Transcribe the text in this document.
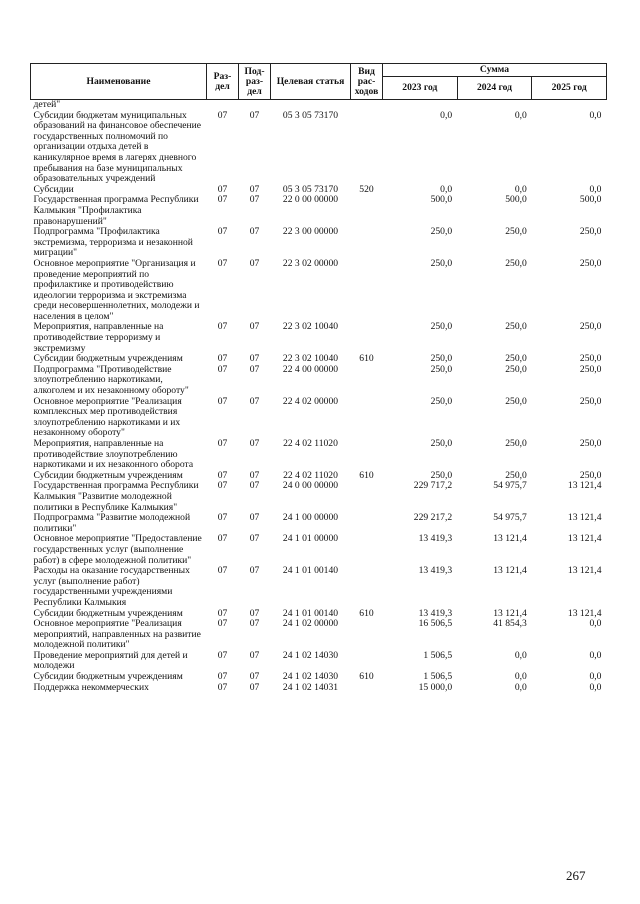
Наименование	Раз-дел	Под-раз-дел	Целевая статья	Вид рас-ходов	Сумма		
					2023 год	2024 год	2025 год
детей"							
Субсидии бюджетам муниципальных образований на финансовое обеспечение государственных полномочий по организации отдыха детей в каникулярное время в лагерях дневного пребывания на базе муниципальных образовательных учреждений	07	07	05 3 05 73170		0,0	0,0	0,0
Субсидии	07	07	05 3 05 73170	520	0,0	0,0	0,0
Государственная программа Республики Калмыкия "Профилактика правонарушений"	07	07	22 0 00 00000		500,0	500,0	500,0
Подпрограмма "Профилактика экстремизма, терроризма и незаконной миграции"	07	07	22 3 00 00000		250,0	250,0	250,0
Основное мероприятие "Организация и проведение мероприятий по профилактике и противодействию идеологии терроризма и экстремизма среди несовершеннолетних, молодежи и населения в целом"	07	07	22 3 02 00000		250,0	250,0	250,0
Мероприятия, направленные на противодействие терроризму и экстремизму	07	07	22 3 02 10040		250,0	250,0	250,0
Субсидии бюджетным учреждениям	07	07	22 3 02 10040	610	250,0	250,0	250,0
Подпрограмма "Противодействие злоупотреблению наркотиками, алкоголем и их незаконному обороту"	07	07	22 4 00 00000		250,0	250,0	250,0
Основное мероприятие "Реализация комплексных мер противодействия злоупотреблению наркотиками и их незаконному обороту"	07	07	22 4 02 00000		250,0	250,0	250,0
Мероприятия, направленные на противодействие злоупотреблению наркотиками и их незаконного оборота	07	07	22 4 02 11020		250,0	250,0	250,0
Субсидии бюджетным учреждениям	07	07	22 4 02 11020	610	250,0	250,0	250,0
Государственная программа Республики Калмыкия "Развитие молодежной политики в Республике Калмыкия"	07	07	24 0 00 00000		229 717,2	54 975,7	13 121,4
Подпрограмма "Развитие молодежной политики"	07	07	24 1 00 00000		229 217,2	54 975,7	13 121,4
Основное мероприятие "Предоставление государственных услуг (выполнение работ) в сфере молодежной политики"	07	07	24 1 01 00000		13 419,3	13 121,4	13 121,4
Расходы на оказание государственных услуг (выполнение работ) государственными учреждениями Республики Калмыкия	07	07	24 1 01 00140		13 419,3	13 121,4	13 121,4
Субсидии бюджетным учреждениям	07	07	24 1 01 00140	610	13 419,3	13 121,4	13 121,4
Основное мероприятие "Реализация мероприятий, направленных на развитие молодежной политики"	07	07	24 1 02 00000		16 506,5	41 854,3	0,0
Проведение мероприятий для детей и молодежи	07	07	24 1 02 14030		1 506,5	0,0	0,0
Субсидии бюджетным учреждениям	07	07	24 1 02 14030	610	1 506,5	0,0	0,0
Поддержка некоммерческих	07	07	24 1 02 14031		15 000,0	0,0	0,0
267
